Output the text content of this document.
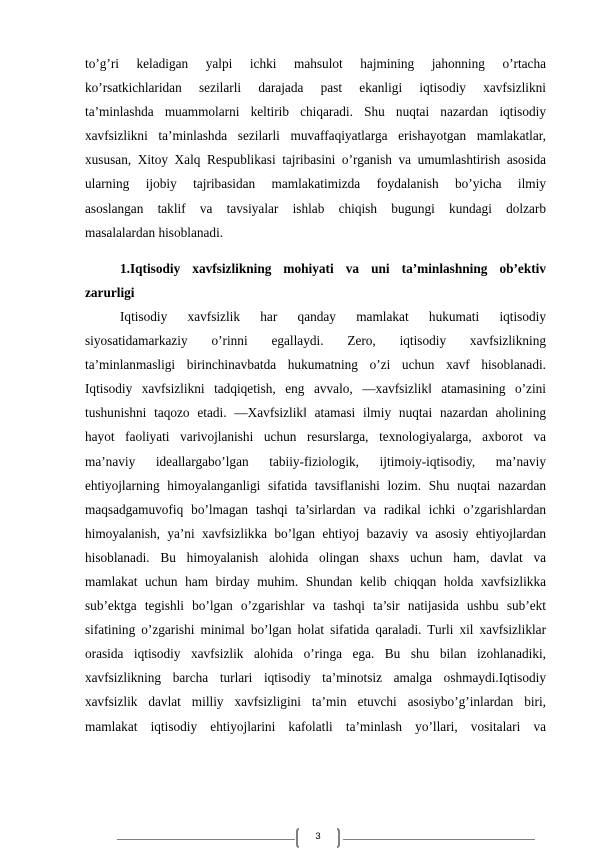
to’g’ri keladigan yalpi ichki mahsulot hajmining jahonning o’rtacha
ko’rsatkichlaridan sezilarli darajada past ekanligi iqtisodiy xavfsizlikni
ta’minlashda muammolarni keltirib chiqaradi. Shu nuqtai nazardan iqtisodiy
xavfsizlikni ta’minlashda sezilarli muvaffaqiyatlarga erishayotgan mamlakatlar,
xususan, Xitoy Xalq Respublikasi tajribasini o’rganish va umumlashtirish asosida
ularning ijobiy tajribasidan mamlakatimizda foydalanish bo’yicha ilmiy
asoslangan taklif va tavsiyalar ishlab chiqish bugungi kundagi dolzarb
masalalardan hisoblanadi.
1.Iqtisodiy xavfsizlikning mohiyati va uni ta’minlashning ob’ektiv
zarurligi
Iqtisodiy xavfsizlik har qanday mamlakat hukumati iqtisodiy
siyosatidamarkaziy o’rinni egallaydi. Zero, iqtisodiy xavfsizlikning
ta’minlanmasligi birinchinavbatda hukumatning o’zi uchun xavf hisoblanadi.
Iqtisodiy xavfsizlikni tadqiqetish, eng avvalo, ―xavfsizlik‖ atamasining o’zini
tushunishni taqozo etadi. ―Xavfsizlik‖ atamasi ilmiy nuqtai nazardan aholining
hayot faoliyati varivojlanishi uchun resurslarga, texnologiyalarga, axborot va
ma’naviy ideallargabo’lgan tabiiy-fiziologik, ijtimoiy-iqtisodiy, ma’naviy
ehtiyojlarning himoyalanganligi sifatida tavsiflanishi lozim. Shu nuqtai nazardan
maqsadgamuvofiq bo’lmagan tashqi ta’sirlardan va radikal ichki o’zgarishlardan
himoyalanish, ya’ni xavfsizlikka bo’lgan ehtiyoj bazaviy va asosiy ehtiyojlardan
hisoblanadi. Bu himoyalanish alohida olingan shaxs uchun ham, davlat va
mamlakat uchun ham birday muhim. Shundan kelib chiqqan holda xavfsizlikka
sub’ektga tegishli bo’lgan o’zgarishlar va tashqi ta’sir natijasida ushbu sub’ekt
sifatining o’zgarishi minimal bo’lgan holat sifatida qaraladi. Turli xil xavfsizliklar
orasida iqtisodiy xavfsizlik alohida o’ringa ega. Bu shu bilan izohlanadiki,
xavfsizlikning barcha turlari iqtisodiy ta’minotsiz amalga oshmaydi.Iqtisodiy
xavfsizlik davlat milliy xavfsizligini ta’min etuvchi asosiybo’g’inlardan biri,
mamlakat iqtisodiy ehtiyojlarini kafolatli ta’minlash yo’llari, vositalari va
3
